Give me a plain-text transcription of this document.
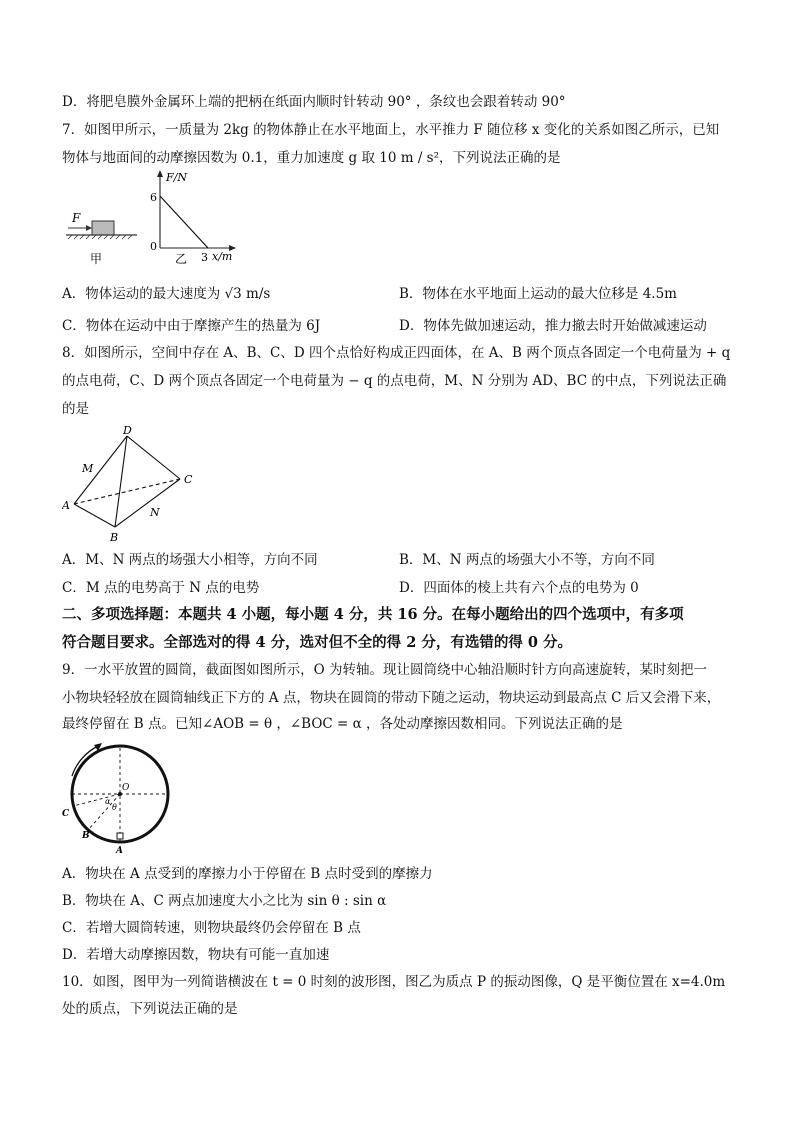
D．将肥皂膜外金属环上端的把柄在纸面内顺时针转动 90° ，条纹也会跟着转动 90°
7．如图甲所示，一质量为 2kg 的物体静止在水平地面上，水平推力 F 随位移 x 变化的关系如图乙所示，已知
物体与地面间的动摩擦因数为 0.1，重力加速度 g 取 10 m / s²，下列说法正确的是
F
甲
F/N
x/m
6
3
0
乙
A．物体运动的最大速度为 √3 m/s	B．物体在水平地面上运动的最大位移是 4.5m
C．物体在运动中由于摩擦产生的热量为 6J	D．物体先做加速运动，推力撤去时开始做减速运动
8．如图所示，空间中存在 A、B、C、D 四个点恰好构成正四面体，在 A、B 两个顶点各固定一个电荷量为 + q
的点电荷，C、D 两个顶点各固定一个电荷量为 − q 的点电荷，M、N 分别为 AD、BC 的中点，下列说法正确
的是
D
A
C
B
M
N
A．M、N 两点的场强大小相等，方向不同	B．M、N 两点的场强大小不等，方向不同
C．M 点的电势高于 N 点的电势	D．四面体的棱上共有六个点的电势为 0
二、多项选择题：本题共 4 小题，每小题 4 分，共 16 分。在每小题给出的四个选项中，有多项
符合题目要求。全部选对的得 4 分，选对但不全的得 2 分，有选错的得 0 分。
9．一水平放置的圆筒，截面图如图所示，O 为转轴。现让圆筒绕中心轴沿顺时针方向高速旋转，某时刻把一
小物块轻轻放在圆筒轴线正下方的 A 点，物块在圆筒的带动下随之运动，物块运动到最高点 C 后又会滑下来，
最终停留在 B 点。已知∠AOB = θ ，∠BOC = α ，各处动摩擦因数相同。下列说法正确的是
O
α
θ
C
B
A
A．物块在 A 点受到的摩擦力小于停留在 B 点时受到的摩擦力
B．物块在 A、C 两点加速度大小之比为 sin θ : sin α
C．若增大圆筒转速，则物块最终仍会停留在 B 点
D．若增大动摩擦因数，物块有可能一直加速
10．如图，图甲为一列简谐横波在 t = 0 时刻的波形图，图乙为质点 P 的振动图像，Q 是平衡位置在 x=4.0m
处的质点，下列说法正确的是
